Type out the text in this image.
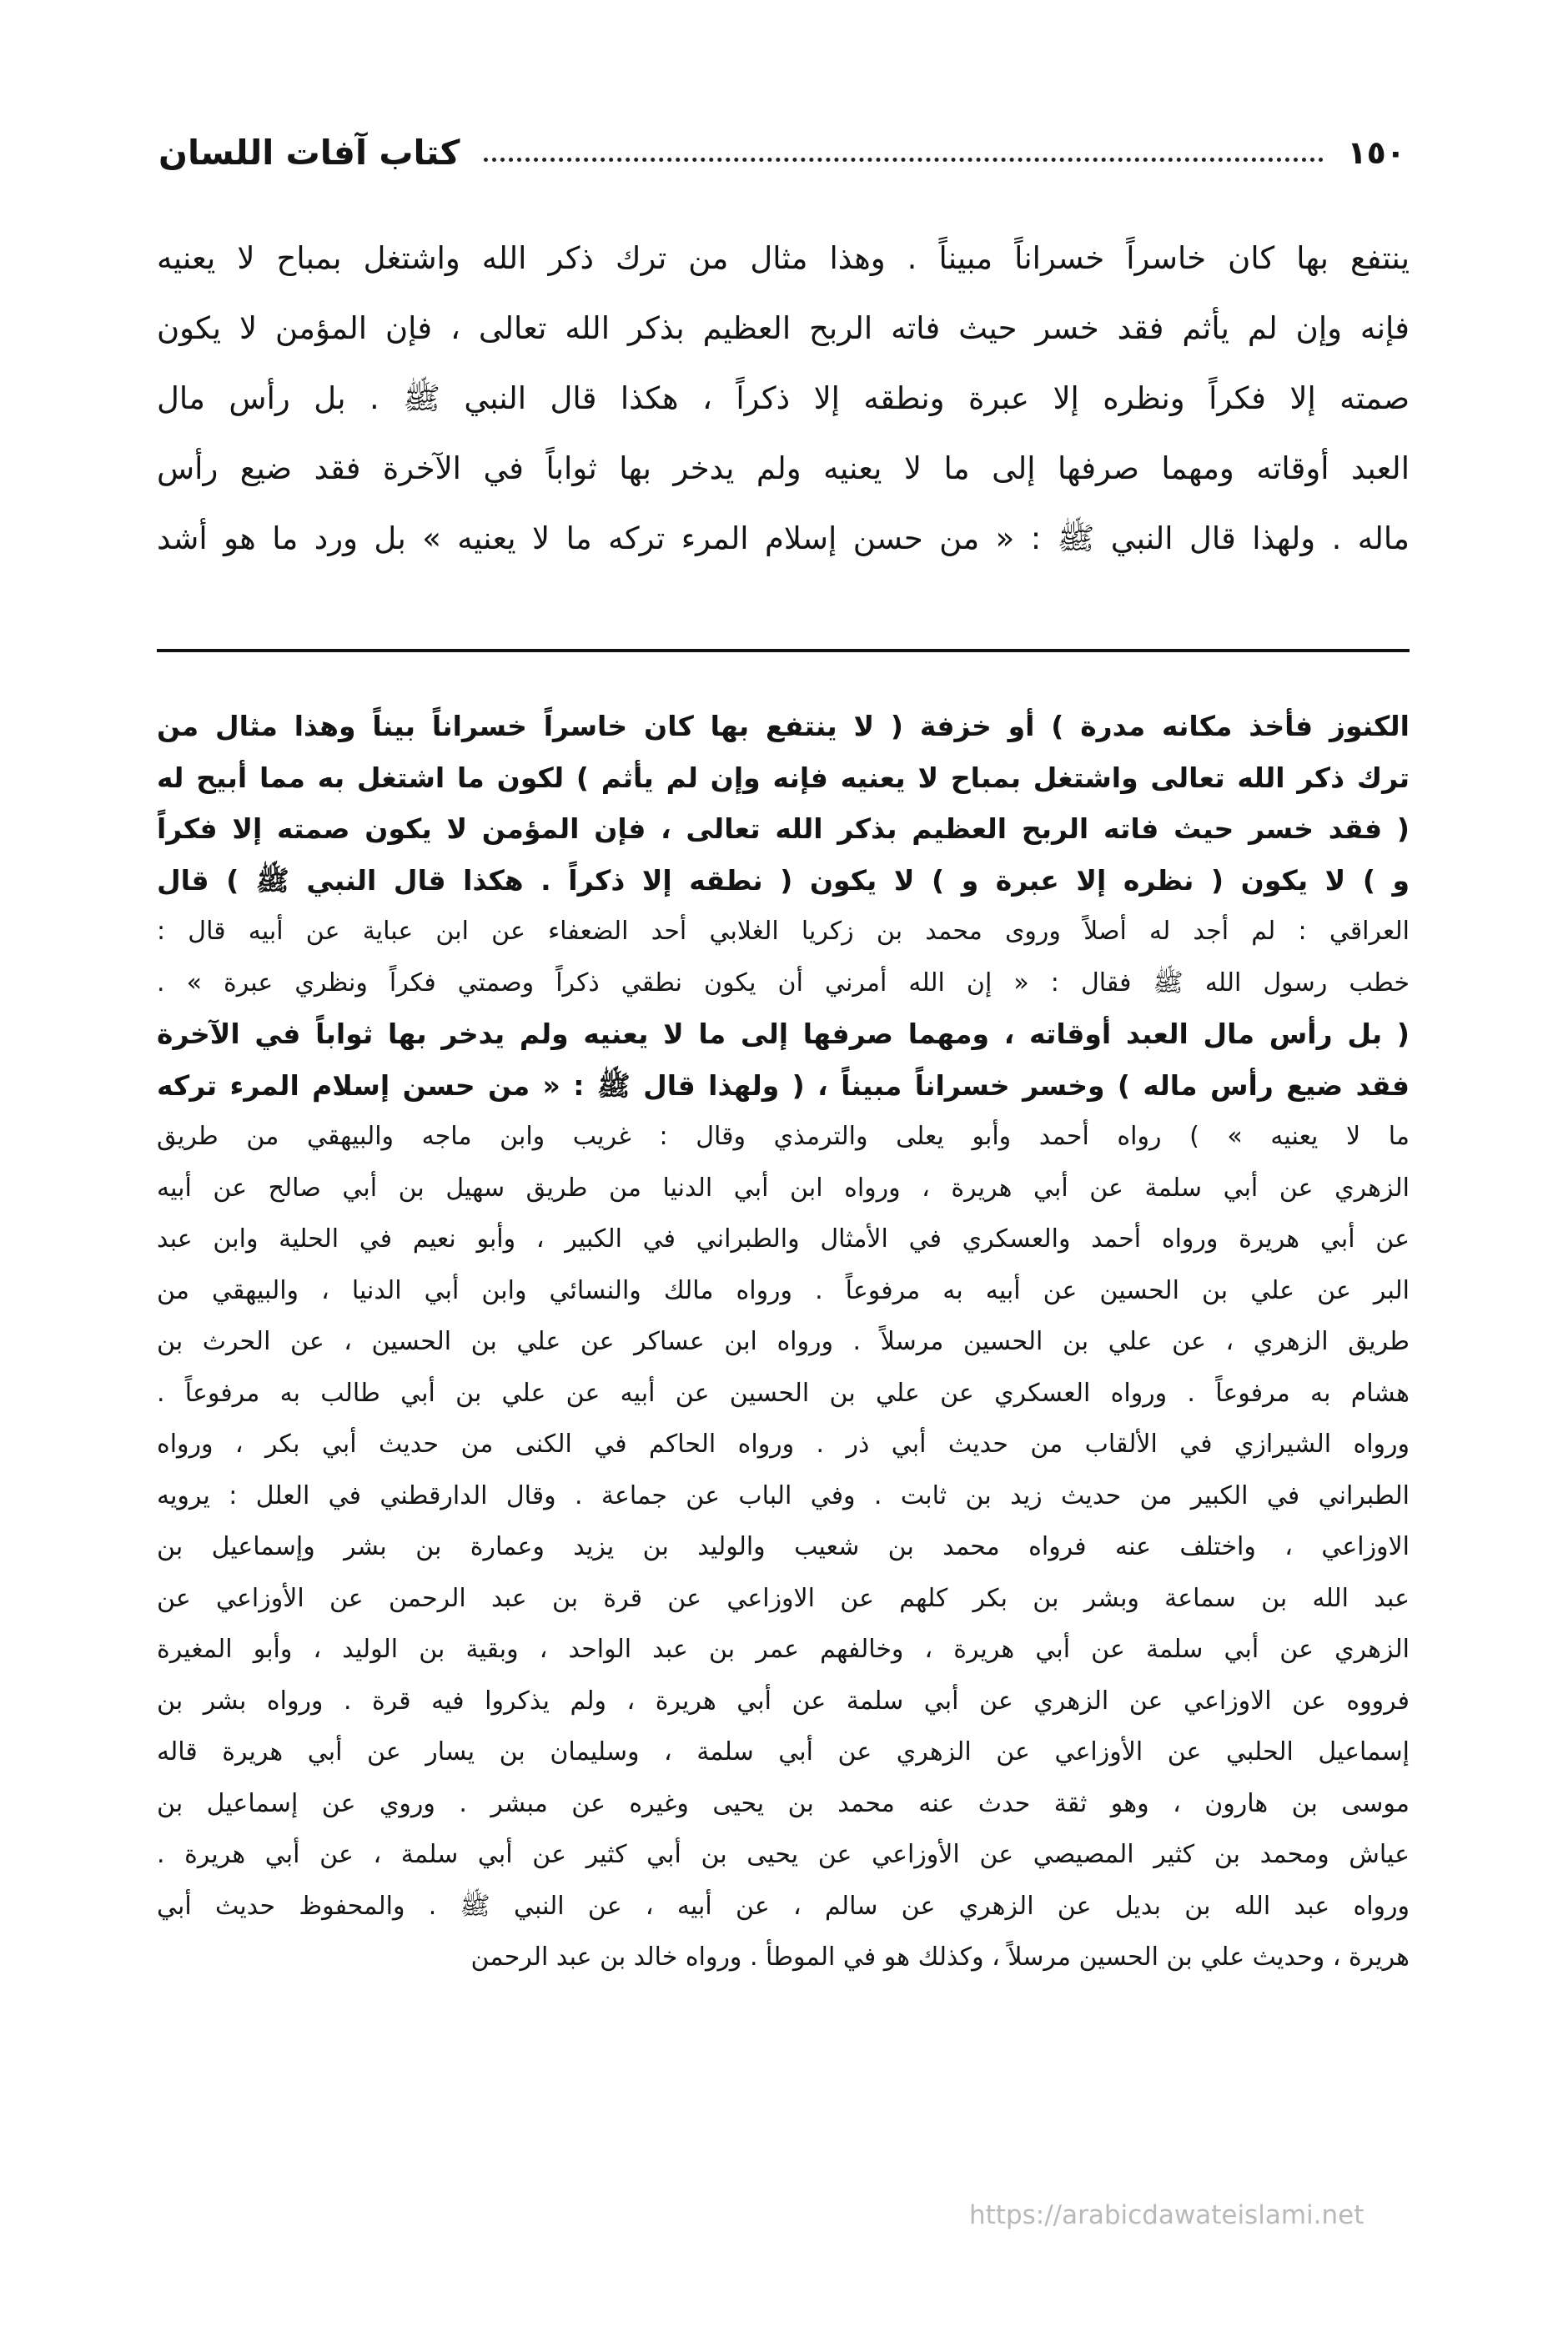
١٥٠
كتاب آفات اللسان
ينتفع بها كان خاسراً خسراناً مبيناً . وهذا مثال من ترك ذكر الله واشتغل بمباح لا يعنيه
فإنه وإن لم يأثم فقد خسر حيث فاته الربح العظيم بذكر الله تعالى ، فإن المؤمن لا يكون
صمته إلا فكراً ونظره إلا عبرة ونطقه إلا ذكراً ، هكذا قال النبي ﷺ . بل رأس مال
العبد أوقاته ومهما صرفها إلى ما لا يعنيه ولم يدخر بها ثواباً في الآخرة فقد ضيع رأس
ماله . ولهذا قال النبي ﷺ : « من حسن إسلام المرء تركه ما لا يعنيه » بل ورد ما هو أشد
الكنوز فأخذ مكانه مدرة ) أو خزفة ( لا ينتفع بها كان خاسراً خسراناً بيناً وهذا مثال من
ترك ذكر الله تعالى واشتغل بمباح لا يعنيه فإنه وإن لم يأثم ) لكون ما اشتغل به مما أبيح له
( فقد خسر حيث فاته الربح العظيم بذكر الله تعالى ، فإن المؤمن لا يكون صمته إلا فكراً
و ) لا يكون ( نظره إلا عبرة و ) لا يكون ( نطقه إلا ذكراً . هكذا قال النبي ﷺ ) قال
العراقي : لم أجد له أصلاً وروى محمد بن زكريا الغلابي أحد الضعفاء عن ابن عباية عن أبيه قال :
خطب رسول الله ﷺ فقال : « إن الله أمرني أن يكون نطقي ذكراً وصمتي فكراً ونظري عبرة » .
( بل رأس مال العبد أوقاته ، ومهما صرفها إلى ما لا يعنيه ولم يدخر بها ثواباً في الآخرة
فقد ضيع رأس ماله ) وخسر خسراناً مبيناً ، ( ولهذا قال ﷺ : « من حسن إسلام المرء تركه
ما لا يعنيه » ) رواه أحمد وأبو يعلى والترمذي وقال : غريب وابن ماجه والبيهقي من طريق
الزهري عن أبي سلمة عن أبي هريرة ، ورواه ابن أبي الدنيا من طريق سهيل بن أبي صالح عن أبيه
عن أبي هريرة ورواه أحمد والعسكري في الأمثال والطبراني في الكبير ، وأبو نعيم في الحلية وابن عبد
البر عن علي بن الحسين عن أبيه به مرفوعاً . ورواه مالك والنسائي وابن أبي الدنيا ، والبيهقي من
طريق الزهري ، عن علي بن الحسين مرسلاً . ورواه ابن عساكر عن علي بن الحسين ، عن الحرث بن
هشام به مرفوعاً . ورواه العسكري عن علي بن الحسين عن أبيه عن علي بن أبي طالب به مرفوعاً .
ورواه الشيرازي في الألقاب من حديث أبي ذر . ورواه الحاكم في الكنى من حديث أبي بكر ، ورواه
الطبراني في الكبير من حديث زيد بن ثابت . وفي الباب عن جماعة . وقال الدارقطني في العلل : يرويه
الاوزاعي ، واختلف عنه فرواه محمد بن شعيب والوليد بن يزيد وعمارة بن بشر وإسماعيل بن
عبد الله بن سماعة وبشر بن بكر كلهم عن الاوزاعي عن قرة بن عبد الرحمن عن الأوزاعي عن
الزهري عن أبي سلمة عن أبي هريرة ، وخالفهم عمر بن عبد الواحد ، وبقية بن الوليد ، وأبو المغيرة
فرووه عن الاوزاعي عن الزهري عن أبي سلمة عن أبي هريرة ، ولم يذكروا فيه قرة . ورواه بشر بن
إسماعيل الحلبي عن الأوزاعي عن الزهري عن أبي سلمة ، وسليمان بن يسار عن أبي هريرة قاله
موسى بن هارون ، وهو ثقة حدث عنه محمد بن يحيى وغيره عن مبشر . وروي عن إسماعيل بن
عياش ومحمد بن كثير المصيصي عن الأوزاعي عن يحيى بن أبي كثير عن أبي سلمة ، عن أبي هريرة .
ورواه عبد الله بن بديل عن الزهري عن سالم ، عن أبيه ، عن النبي ﷺ . والمحفوظ حديث أبي
هريرة ، وحديث علي بن الحسين مرسلاً ، وكذلك هو في الموطأ . ورواه خالد بن عبد الرحمن
https://arabicdawateislami.net
